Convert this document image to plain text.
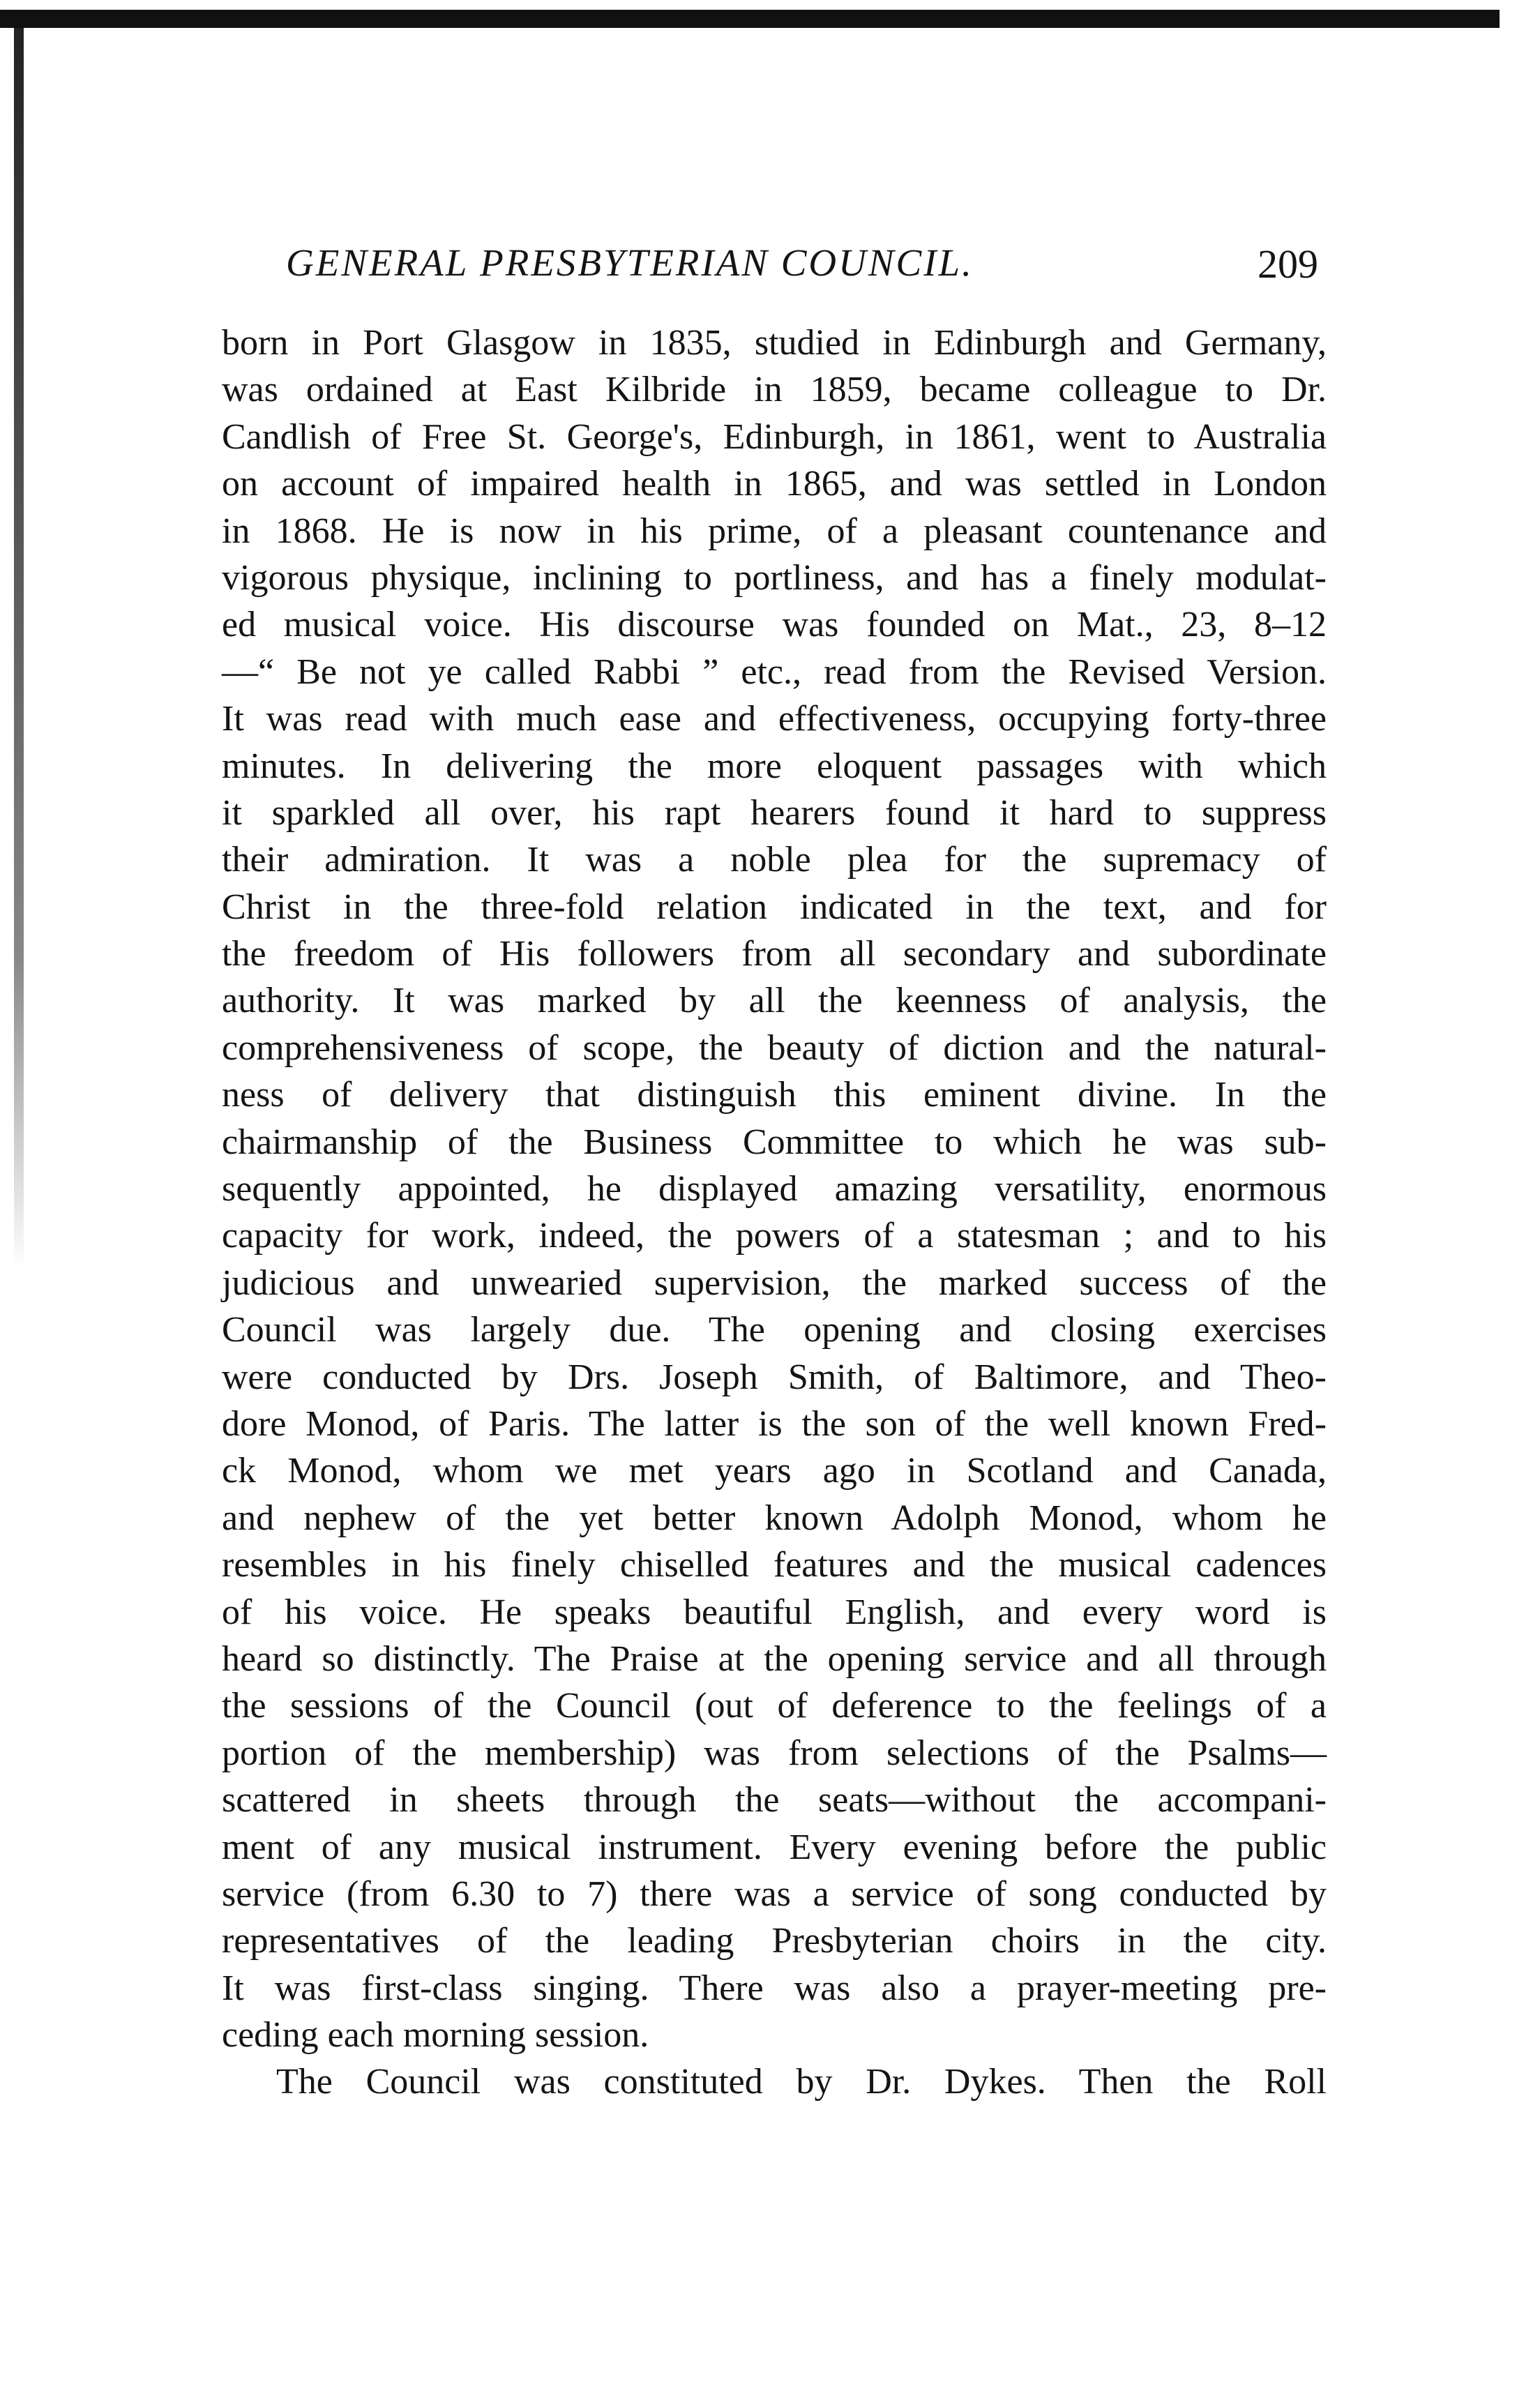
GENERAL PRESBYTERIAN COUNCIL.	209
born in Port Glasgow in 1835, studied in Edinburgh and Germany,
was ordained at East Kilbride in 1859, became colleague to Dr.
Candlish of Free St. George's, Edinburgh, in 1861, went to Australia
on account of impaired health in 1865, and was settled in London
in 1868. He is now in his prime, of a pleasant countenance and
vigorous physique, inclining to portliness, and has a finely modulat-
ed musical voice. His discourse was founded on Mat., 23, 8–12
—“ Be not ye called Rabbi ” etc., read from the Revised Version.
It was read with much ease and effectiveness, occupying forty-three
minutes. In delivering the more eloquent passages with which
it sparkled all over, his rapt hearers found it hard to suppress
their admiration. It was a noble plea for the supremacy of
Christ in the three-fold relation indicated in the text, and for
the freedom of His followers from all secondary and subordinate
authority. It was marked by all the keenness of analysis, the
comprehensiveness of scope, the beauty of diction and the natural-
ness of delivery that distinguish this eminent divine. In the
chairmanship of the Business Committee to which he was sub-
sequently appointed, he displayed amazing versatility, enormous
capacity for work, indeed, the powers of a statesman ; and to his
judicious and unwearied supervision, the marked success of the
Council was largely due. The opening and closing exercises
were conducted by Drs. Joseph Smith, of Baltimore, and Theo-
dore Monod, of Paris. The latter is the son of the well known Fred-
ck Monod, whom we met years ago in Scotland and Canada,
and nephew of the yet better known Adolph Monod, whom he
resembles in his finely chiselled features and the musical cadences
of his voice. He speaks beautiful English, and every word is
heard so distinctly. The Praise at the opening service and all through
the sessions of the Council (out of deference to the feelings of a
portion of the membership) was from selections of the Psalms—
scattered in sheets through the seats—without the accompani-
ment of any musical instrument. Every evening before the public
service (from 6.30 to 7) there was a service of song conducted by
representatives of the leading Presbyterian choirs in the city.
It was first-class singing. There was also a prayer-meeting pre-
ceding each morning session.
The Council was constituted by Dr. Dykes. Then the Roll
